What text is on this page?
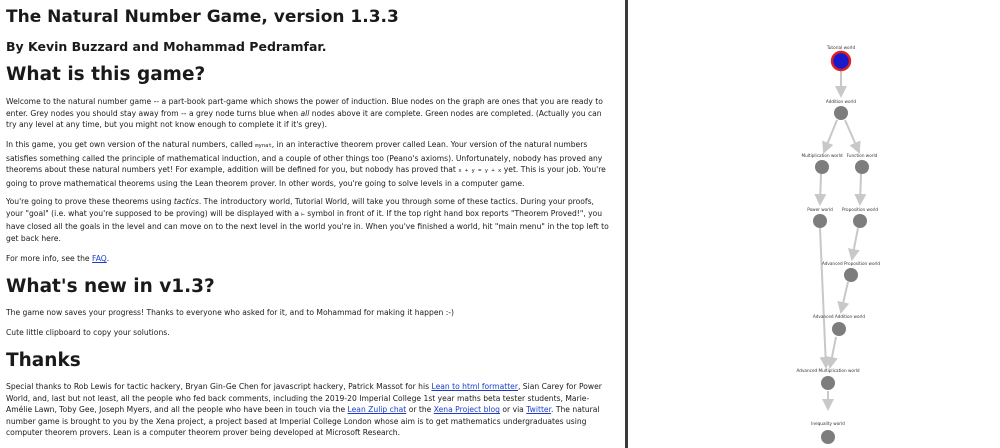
The Natural Number Game, version 1.3.3
By Kevin Buzzard and Mohammad Pedramfar.
What is this game?

Welcome to the natural number game -- a part-book part-game which shows the power of induction. Blue nodes on the graph are ones that you are ready to enter. Grey nodes you should stay away from -- a grey node turns blue when all nodes above it are complete. Green nodes are completed. (Actually you can try any level at any time, but you might not know enough to complete it if it's grey).

In this game, you get own version of the natural numbers, called mynat, in an interactive theorem prover called Lean. Your version of the natural numbers satisfies something called the principle of mathematical induction, and a couple of other things too (Peano's axioms). Unfortunately, nobody has proved any theorems about these natural numbers yet! For example, addition will be defined for you, but nobody has proved that x + y = y + x yet. This is your job. You're going to prove mathematical theorems using the Lean theorem prover. In other words, you're going to solve levels in a computer game.

You're going to prove these theorems using tactics. The introductory world, Tutorial World, will take you through some of these tactics. During your proofs, your "goal" (i.e. what you're supposed to be proving) will be displayed with a ⊢ symbol in front of it. If the top right hand box reports "Theorem Proved!", you have closed all the goals in the level and can move on to the next level in the world you're in. When you've finished a world, hit "main menu" in the top left to get back here.

For more info, see the FAQ.

What's new in v1.3?

The game now saves your progress! Thanks to everyone who asked for it, and to Mohammad for making it happen :-)

Cute little clipboard to copy your solutions.

Thanks

Special thanks to Rob Lewis for tactic hackery, Bryan Gin-Ge Chen for javascript hackery, Patrick Massot for his Lean to html formatter, Sian Carey for Power World, and, last but not least, all the people who fed back comments, including the 2019-20 Imperial College 1st year maths beta tester students, Marie-Amélie Lawn, Toby Gee, Joseph Myers, and all the people who have been in touch via the Lean Zulip chat or the Xena Project blog or via Twitter. The natural number game is brought to you by the Xena project, a project based at Imperial College London whose aim is to get mathematics undergraduates using computer theorem provers. Lean is a computer theorem prover being developed at Microsoft Research.

Tutorial world
Addition world
Multiplication world Function world
Power world Proposition world
Advanced Proposition world
Advanced Addition world
Advanced Multiplication world
Inequality world
